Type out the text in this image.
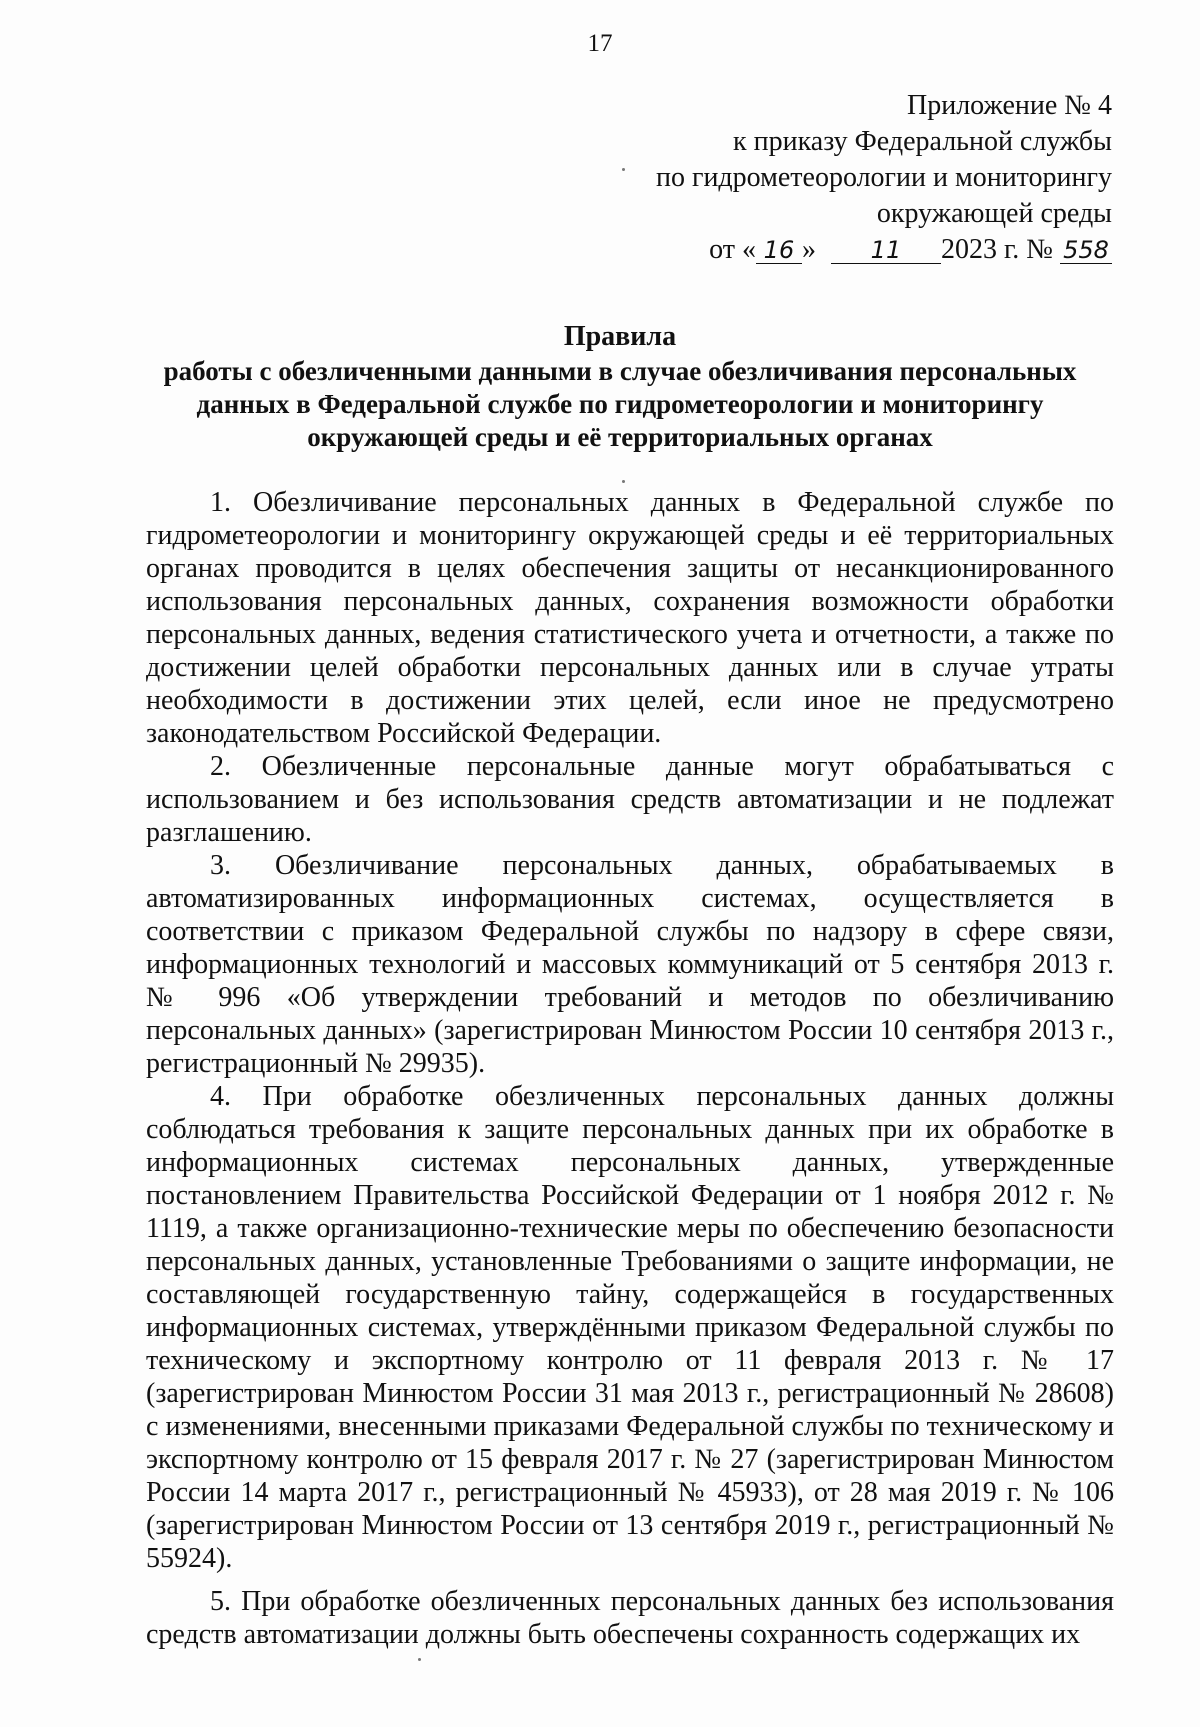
17
Приложение № 4
к приказу Федеральной службы
по гидрометеорологии и мониторингу
окружающей среды
от « 16 » 11 2023 г. № 558
Правила
работы с обезличенными данными в случае обезличивания персональных данных в Федеральной службе по гидрометеорологии и мониторингу окружающей среды и её территориальных органах

1. Обезличивание персональных данных в Федеральной службе по гидрометеорологии и мониторингу окружающей среды и её территориальных органах проводится в целях обеспечения защиты от несанкционированного использования персональных данных, сохранения возможности обработки персональных данных, ведения статистического учета и отчетности, а также по достижении целей обработки персональных данных или в случае утраты необходимости в достижении этих целей, если иное не предусмотрено законодательством Российской Федерации.

2. Обезличенные персональные данные могут обрабатываться с использованием и без использования средств автоматизации и не подлежат разглашению.

3. Обезличивание персональных данных, обрабатываемых в автоматизированных информационных системах, осуществляется в соответствии с приказом Федеральной службы по надзору в сфере связи, информационных технологий и массовых коммуникаций от 5 сентября 2013 г. № 996 «Об утверждении требований и методов по обезличиванию персональных данных» (зарегистрирован Минюстом России 10 сентября 2013 г., регистрационный № 29935).

4. При обработке обезличенных персональных данных должны соблюдаться требования к защите персональных данных при их обработке в информационных системах персональных данных, утвержденные постановлением Правительства Российской Федерации от 1 ноября 2012 г. № 1119, а также организационно-технические меры по обеспечению безопасности персональных данных, установленные Требованиями о защите информации, не составляющей государственную тайну, содержащейся в государственных информационных системах, утверждёнными приказом Федеральной службы по техническому и экспортному контролю от 11 февраля 2013 г. № 17 (зарегистрирован Минюстом России 31 мая 2013 г., регистрационный № 28608) с изменениями, внесенными приказами Федеральной службы по техническому и экспортному контролю от 15 февраля 2017 г. № 27 (зарегистрирован Минюстом России 14 марта 2017 г., регистрационный № 45933), от 28 мая 2019 г. № 106 (зарегистрирован Минюстом России от 13 сентября 2019 г., регистрационный № 55924).

5. При обработке обезличенных персональных данных без использования средств автоматизации должны быть обеспечены сохранность содержащих их
